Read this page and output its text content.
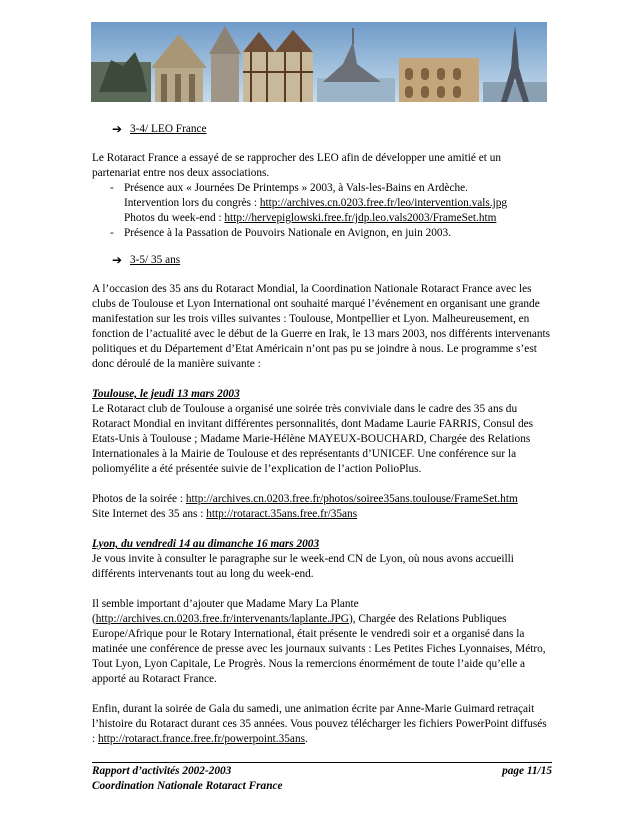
➔ 3-4/ LEO France

Le Rotaract France a essayé de se rapprocher des LEO afin de développer une amitié et un partenariat entre nos deux associations.

- Présence aux « Journées De Printemps » 2003, à Vals-les-Bains en Ardèche.
Intervention lors du congrès : http://archives.cn.0203.free.fr/leo/intervention.vals.jpg
Photos du week-end : http://hervepiglowski.free.fr/jdp.leo.vals2003/FrameSet.htm
- Présence à la Passation de Pouvoirs Nationale en Avignon, en juin 2003.
➔ 3-5/ 35 ans

A l’occasion des 35 ans du Rotaract Mondial, la Coordination Nationale Rotaract France avec les clubs de Toulouse et Lyon International ont souhaité marqué l’événement en organisant une grande manifestation sur les trois villes suivantes : Toulouse, Montpellier et Lyon. Malheureusement, en fonction de l’actualité avec le début de la Guerre en Irak, le 13 mars 2003, nos différents intervenants politiques et du Département d’Etat Américain n’ont pas pu se joindre à nous. Le programme s’est donc déroulé de la manière suivante :

Toulouse, le jeudi 13 mars 2003

Le Rotaract club de Toulouse a organisé une soirée très conviviale dans le cadre des 35 ans du Rotaract Mondial en invitant différentes personnalités, dont Madame Laurie FARRIS, Consul des Etats-Unis à Toulouse ; Madame Marie-Hélène MAYEUX-BOUCHARD, Chargée des Relations Internationales à la Mairie de Toulouse et des représentants d’UNICEF. Une conférence sur la poliomyélite a été présentée suivie de l’explication de l’action PolioPlus.

Photos de la soirée : http://archives.cn.0203.free.fr/photos/soiree35ans.toulouse/FrameSet.htm

Site Internet des 35 ans : http://rotaract.35ans.free.fr/35ans

Lyon, du vendredi 14 au dimanche 16 mars 2003

Je vous invite à consulter le paragraphe sur le week-end CN de Lyon, où nous avons accueilli différents intervenants tout au long du week-end.

Il semble important d’ajouter que Madame Mary La Plante (http://archives.cn.0203.free.fr/intervenants/laplante.JPG), Chargée des Relations Publiques Europe/Afrique pour le Rotary International, était présente le vendredi soir et a organisé dans la matinée une conférence de presse avec les journaux suivants : Les Petites Fiches Lyonnaises, Métro, Tout Lyon, Lyon Capitale, Le Progrès. Nous la remercions énormément de toute l’aide qu’elle a apporté au Rotaract France.

Enfin, durant la soirée de Gala du samedi, une animation écrite par Anne-Marie Guimard retraçait l’histoire du Rotaract durant ces 35 années. Vous pouvez télécharger les fichiers PowerPoint diffusés : http://rotaract.france.free.fr/powerpoint.35ans.

Rapport d’activités 2002-2003	page 11/15
Coordination Nationale Rotaract France
